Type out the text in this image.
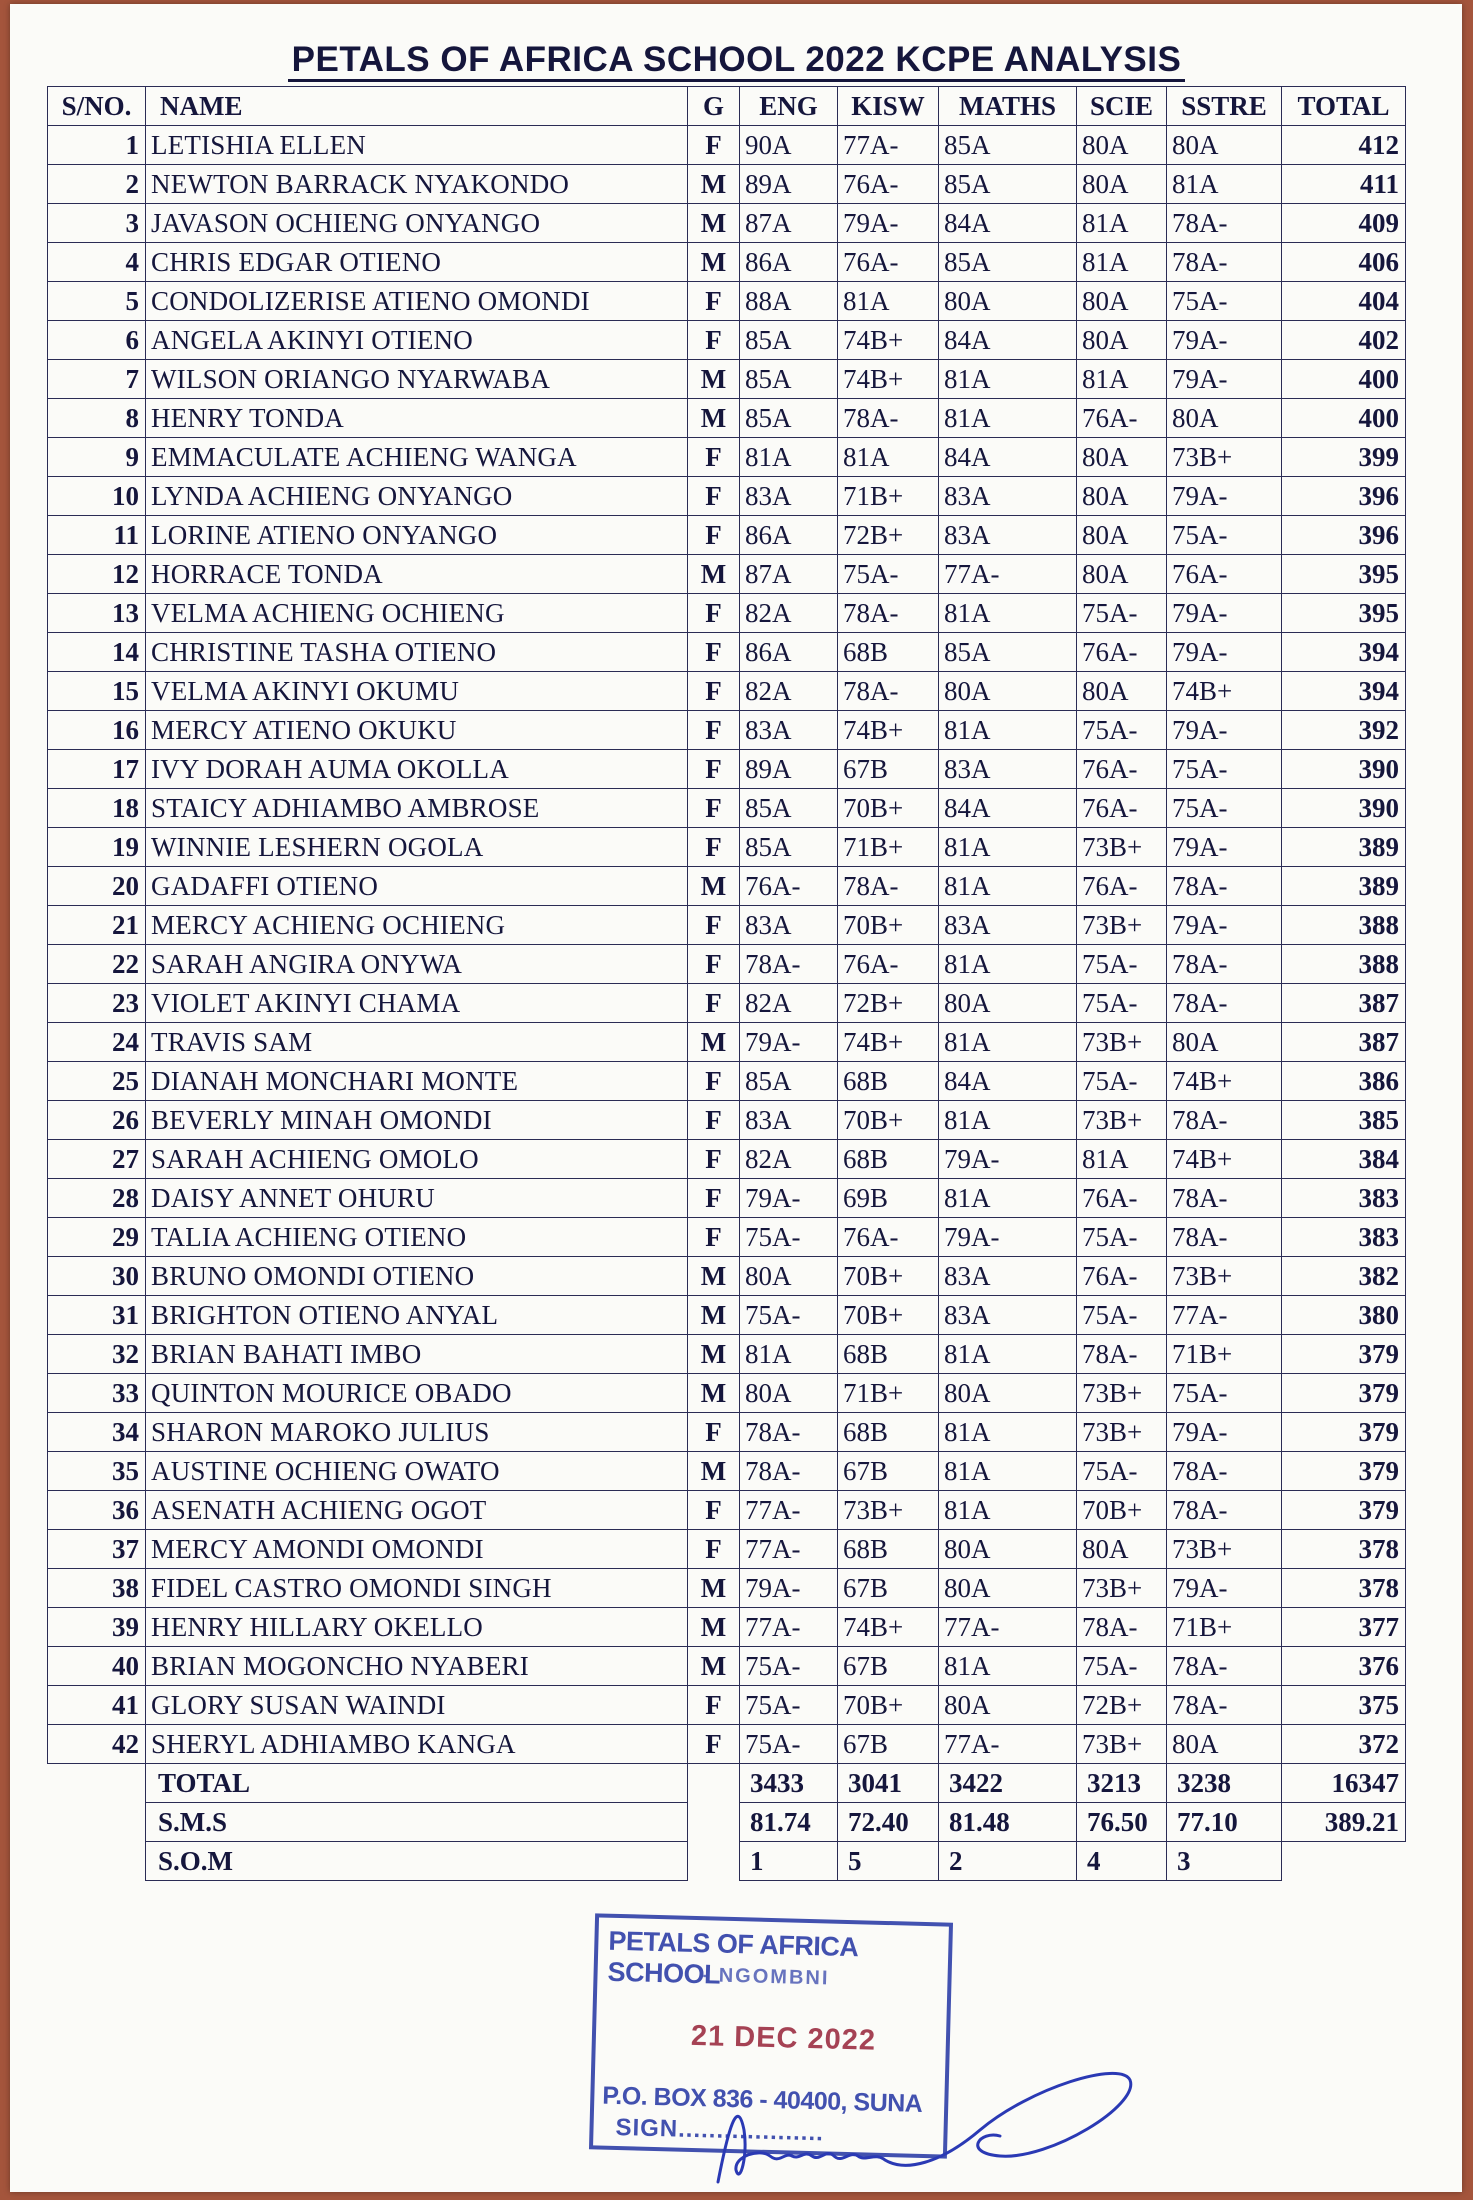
PETALS OF AFRICA SCHOOL 2022 KCPE ANALYSIS
S/NO.	NAME	G	ENG	KISW	MATHS	SCIE	SSTRE	TOTAL
1	LETISHIA ELLEN	F	90A	77A-	85A	80A	80A	412
2	NEWTON BARRACK NYAKONDO	M	89A	76A-	85A	80A	81A	411
3	JAVASON OCHIENG ONYANGO	M	87A	79A-	84A	81A	78A-	409
4	CHRIS EDGAR OTIENO	M	86A	76A-	85A	81A	78A-	406
5	CONDOLIZERISE ATIENO OMONDI	F	88A	81A	80A	80A	75A-	404
6	ANGELA AKINYI OTIENO	F	85A	74B+	84A	80A	79A-	402
7	WILSON ORIANGO NYARWABA	M	85A	74B+	81A	81A	79A-	400
8	HENRY TONDA	M	85A	78A-	81A	76A-	80A	400
9	EMMACULATE ACHIENG WANGA	F	81A	81A	84A	80A	73B+	399
10	LYNDA ACHIENG ONYANGO	F	83A	71B+	83A	80A	79A-	396
11	LORINE ATIENO ONYANGO	F	86A	72B+	83A	80A	75A-	396
12	HORRACE TONDA	M	87A	75A-	77A-	80A	76A-	395
13	VELMA ACHIENG OCHIENG	F	82A	78A-	81A	75A-	79A-	395
14	CHRISTINE TASHA OTIENO	F	86A	68B	85A	76A-	79A-	394
15	VELMA AKINYI OKUMU	F	82A	78A-	80A	80A	74B+	394
16	MERCY ATIENO OKUKU	F	83A	74B+	81A	75A-	79A-	392
17	IVY DORAH AUMA OKOLLA	F	89A	67B	83A	76A-	75A-	390
18	STAICY ADHIAMBO AMBROSE	F	85A	70B+	84A	76A-	75A-	390
19	WINNIE LESHERN OGOLA	F	85A	71B+	81A	73B+	79A-	389
20	GADAFFI OTIENO	M	76A-	78A-	81A	76A-	78A-	389
21	MERCY ACHIENG OCHIENG	F	83A	70B+	83A	73B+	79A-	388
22	SARAH ANGIRA ONYWA	F	78A-	76A-	81A	75A-	78A-	388
23	VIOLET AKINYI CHAMA	F	82A	72B+	80A	75A-	78A-	387
24	TRAVIS SAM	M	79A-	74B+	81A	73B+	80A	387
25	DIANAH MONCHARI MONTE	F	85A	68B	84A	75A-	74B+	386
26	BEVERLY MINAH OMONDI	F	83A	70B+	81A	73B+	78A-	385
27	SARAH ACHIENG OMOLO	F	82A	68B	79A-	81A	74B+	384
28	DAISY ANNET OHURU	F	79A-	69B	81A	76A-	78A-	383
29	TALIA ACHIENG OTIENO	F	75A-	76A-	79A-	75A-	78A-	383
30	BRUNO OMONDI OTIENO	M	80A	70B+	83A	76A-	73B+	382
31	BRIGHTON OTIENO ANYAL	M	75A-	70B+	83A	75A-	77A-	380
32	BRIAN BAHATI IMBO	M	81A	68B	81A	78A-	71B+	379
33	QUINTON MOURICE OBADO	M	80A	71B+	80A	73B+	75A-	379
34	SHARON MAROKO JULIUS	F	78A-	68B	81A	73B+	79A-	379
35	AUSTINE OCHIENG OWATO	M	78A-	67B	81A	75A-	78A-	379
36	ASENATH ACHIENG OGOT	F	77A-	73B+	81A	70B+	78A-	379
37	MERCY AMONDI OMONDI	F	77A-	68B	80A	80A	73B+	378
38	FIDEL CASTRO OMONDI SINGH	M	79A-	67B	80A	73B+	79A-	378
39	HENRY HILLARY OKELLO	M	77A-	74B+	77A-	78A-	71B+	377
40	BRIAN MOGONCHO NYABERI	M	75A-	67B	81A	75A-	78A-	376
41	GLORY SUSAN WAINDI	F	75A-	70B+	80A	72B+	78A-	375
42	SHERYL ADHIAMBO KANGA	F	75A-	67B	77A-	73B+	80A	372
	TOTAL		3433	3041	3422	3213	3238	16347
	S.M.S		81.74	72.40	81.48	76.50	77.10	389.21
	S.O.M		1	5	2	4	3	
PETALS OF AFRICA SCHOOL
- NGOMBNI
21 DEC 2022
P.O. BOX 836 - 40400, SUNA
SIGN...................
